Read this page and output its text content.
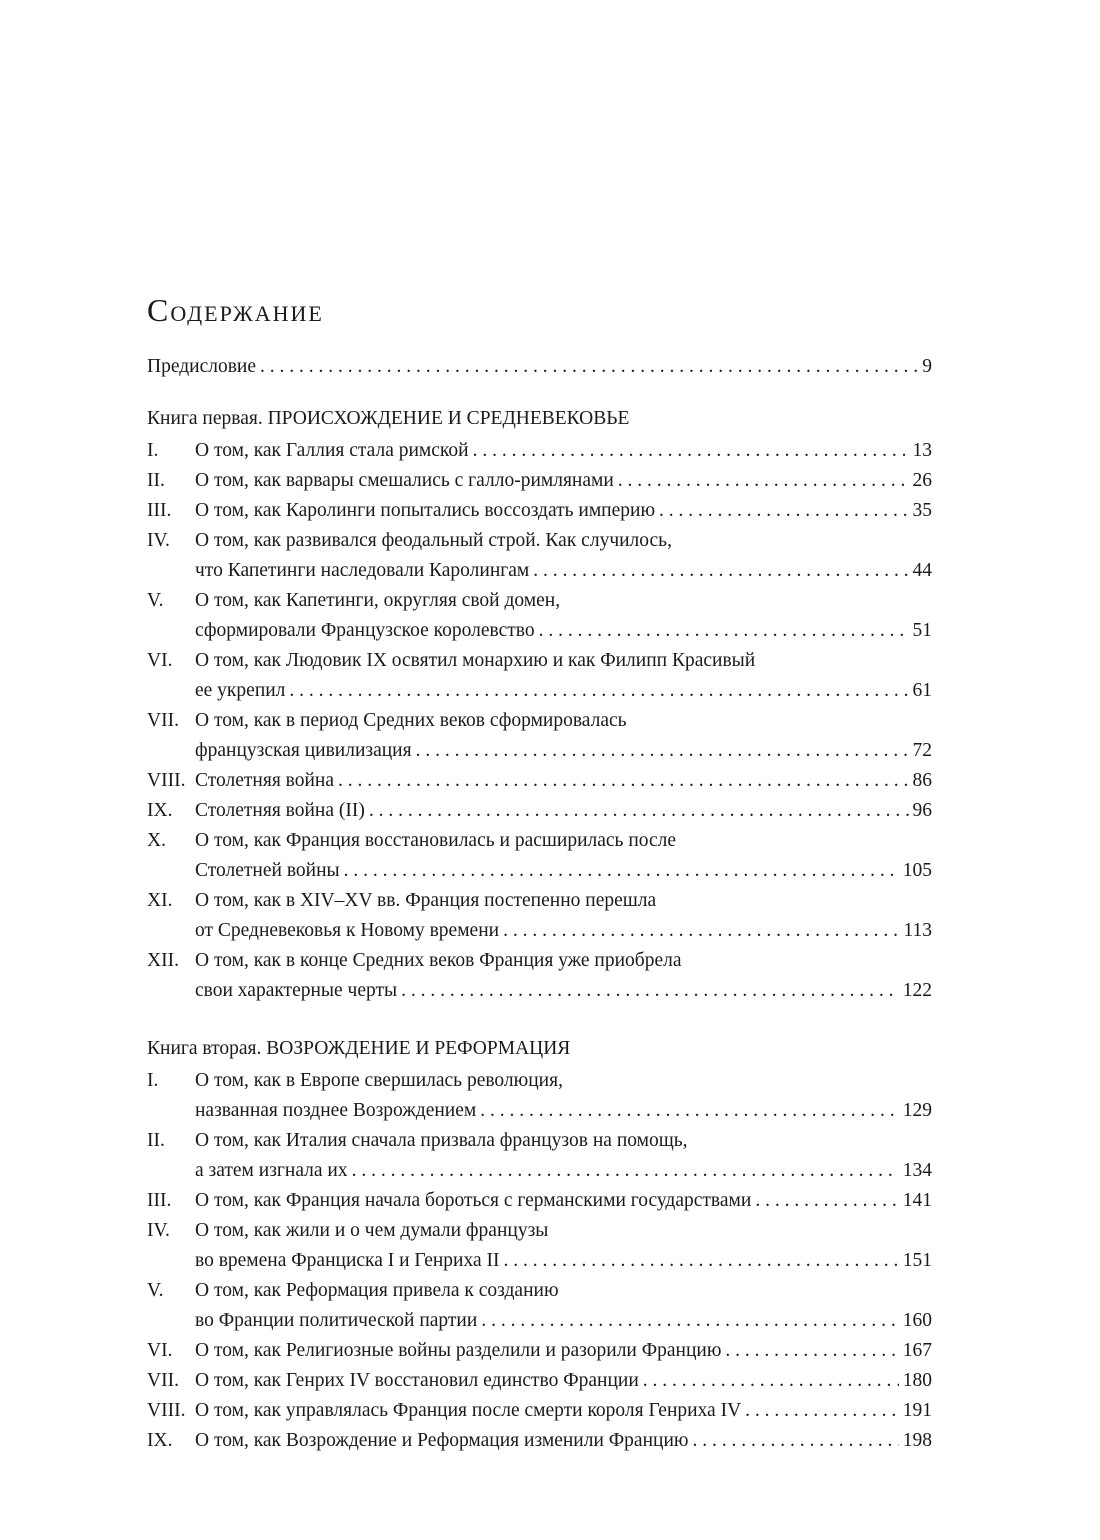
Содержание
Предисловие . . .	9
Книга первая. ПРОИСХОЖДЕНИЕ И СРЕДНЕВЕКОВЬЕ
I.	О том, как Галлия стала римской . . .	13
II.	О том, как варвары смешались с галло-римлянами . . .	26
III.	О том, как Каролинги попытались воссоздать империю . . .	35
IV.	О том, как развивался феодальный строй. Как случилось,
что Капетинги наследовали Каролингам . . .	44
V.	О том, как Капетинги, округляя свой домен,
сформировали Французское королевство . . .	51
VI.	О том, как Людовик IX освятил монархию и как Филипп Красивый
ее укрепил . . .	61
VII. О том, как в период Средних веков сформировалась
французская цивилизация . . .	72
VIII. Столетняя война . . .	86
IX.	Столетняя война (II) . . .	96
X.	О том, как Франция восстановилась и расширилась после
Столетней войны . . .	105
XI.	О том, как в XIV–XV вв. Франция постепенно перешла
от Средневековья к Новому времени . . .	113
XII. О том, как в конце Средних веков Франция уже приобрела
свои характерные черты . . .	122
Книга вторая. ВОЗРОЖДЕНИЕ И РЕФОРМАЦИЯ
I.	О том, как в Европе свершилась революция,
названная позднее Возрождением . . .	129
II.	О том, как Италия сначала призвала французов на помощь,
а затем изгнала их . . .	134
III.	О том, как Франция начала бороться с германскими государствами . . .	141
IV.	О том, как жили и о чем думали французы
во времена Франциска I и Генриха II . . .	151
V.	О том, как Реформация привела к созданию
во Франции политической партии . . .	160
VI.	О том, как Религиозные войны разделили и разорили Францию . . .	167
VII. О том, как Генрих IV восстановил единство Франции . . .	180
VIII. О том, как управлялась Франция после смерти короля Генриха IV . . .	191
IX.	О том, как Возрождение и Реформация изменили Францию . . .	198
